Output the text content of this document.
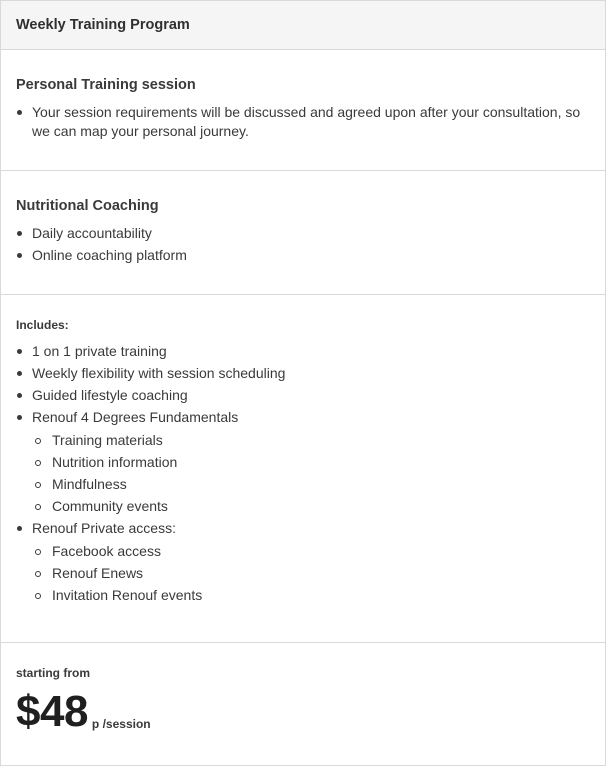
Weekly Training Program
Personal Training session
Your session requirements will be discussed and agreed upon after your consultation, so we can map your personal journey.
Nutritional Coaching
Daily accountability
Online coaching platform
Includes:
1 on 1 private training
Weekly flexibility with session scheduling
Guided lifestyle coaching
Renouf 4 Degrees Fundamentals
Training materials
Nutrition information
Mindfulness
Community events
Renouf Private access:
Facebook access
Renouf Enews
Invitation Renouf events
starting from
$48 p /session
